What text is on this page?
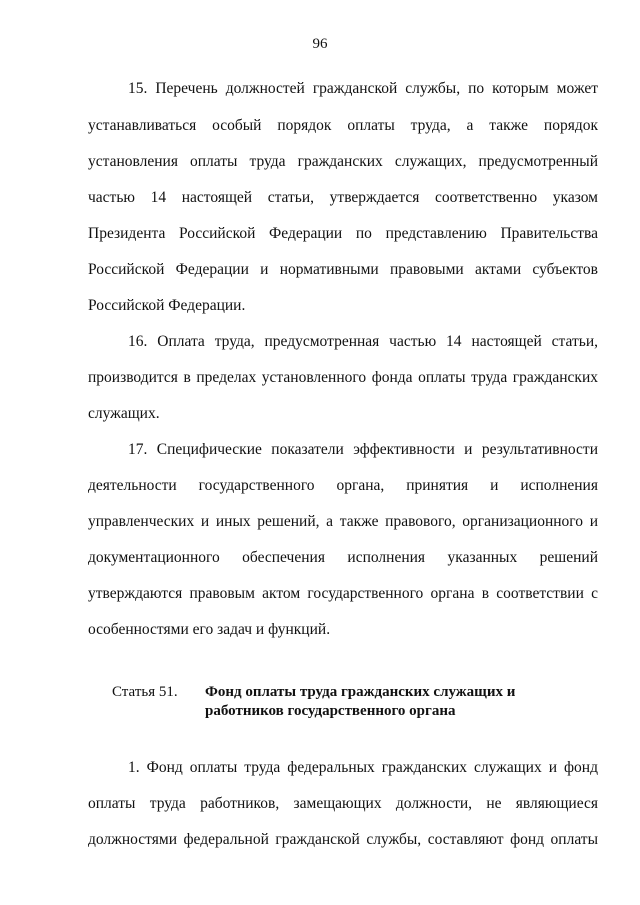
96
15. Перечень должностей гражданской службы, по которым может
устанавливаться особый порядок оплаты труда, а также порядок
установления оплаты труда гражданских служащих, предусмотренный
частью 14 настоящей статьи, утверждается соответственно указом
Президента Российской Федерации по представлению Правительства
Российской Федерации и нормативными правовыми актами субъектов
Российской Федерации.
16. Оплата труда, предусмотренная частью 14 настоящей статьи,
производится в пределах установленного фонда оплаты труда гражданских
служащих.
17. Специфические показатели эффективности и результативности
деятельности государственного органа, принятия и исполнения
управленческих и иных решений, а также правового, организационного и
документационного обеспечения исполнения указанных решений
утверждаются правовым актом государственного органа в соответствии с
особенностями его задач и функций.
Статья 51. Фонд оплаты труда гражданских служащих и
работников государственного органа
1. Фонд оплаты труда федеральных гражданских служащих и фонд
оплаты труда работников, замещающих должности, не являющиеся
должностями федеральной гражданской службы, составляют фонд оплаты
